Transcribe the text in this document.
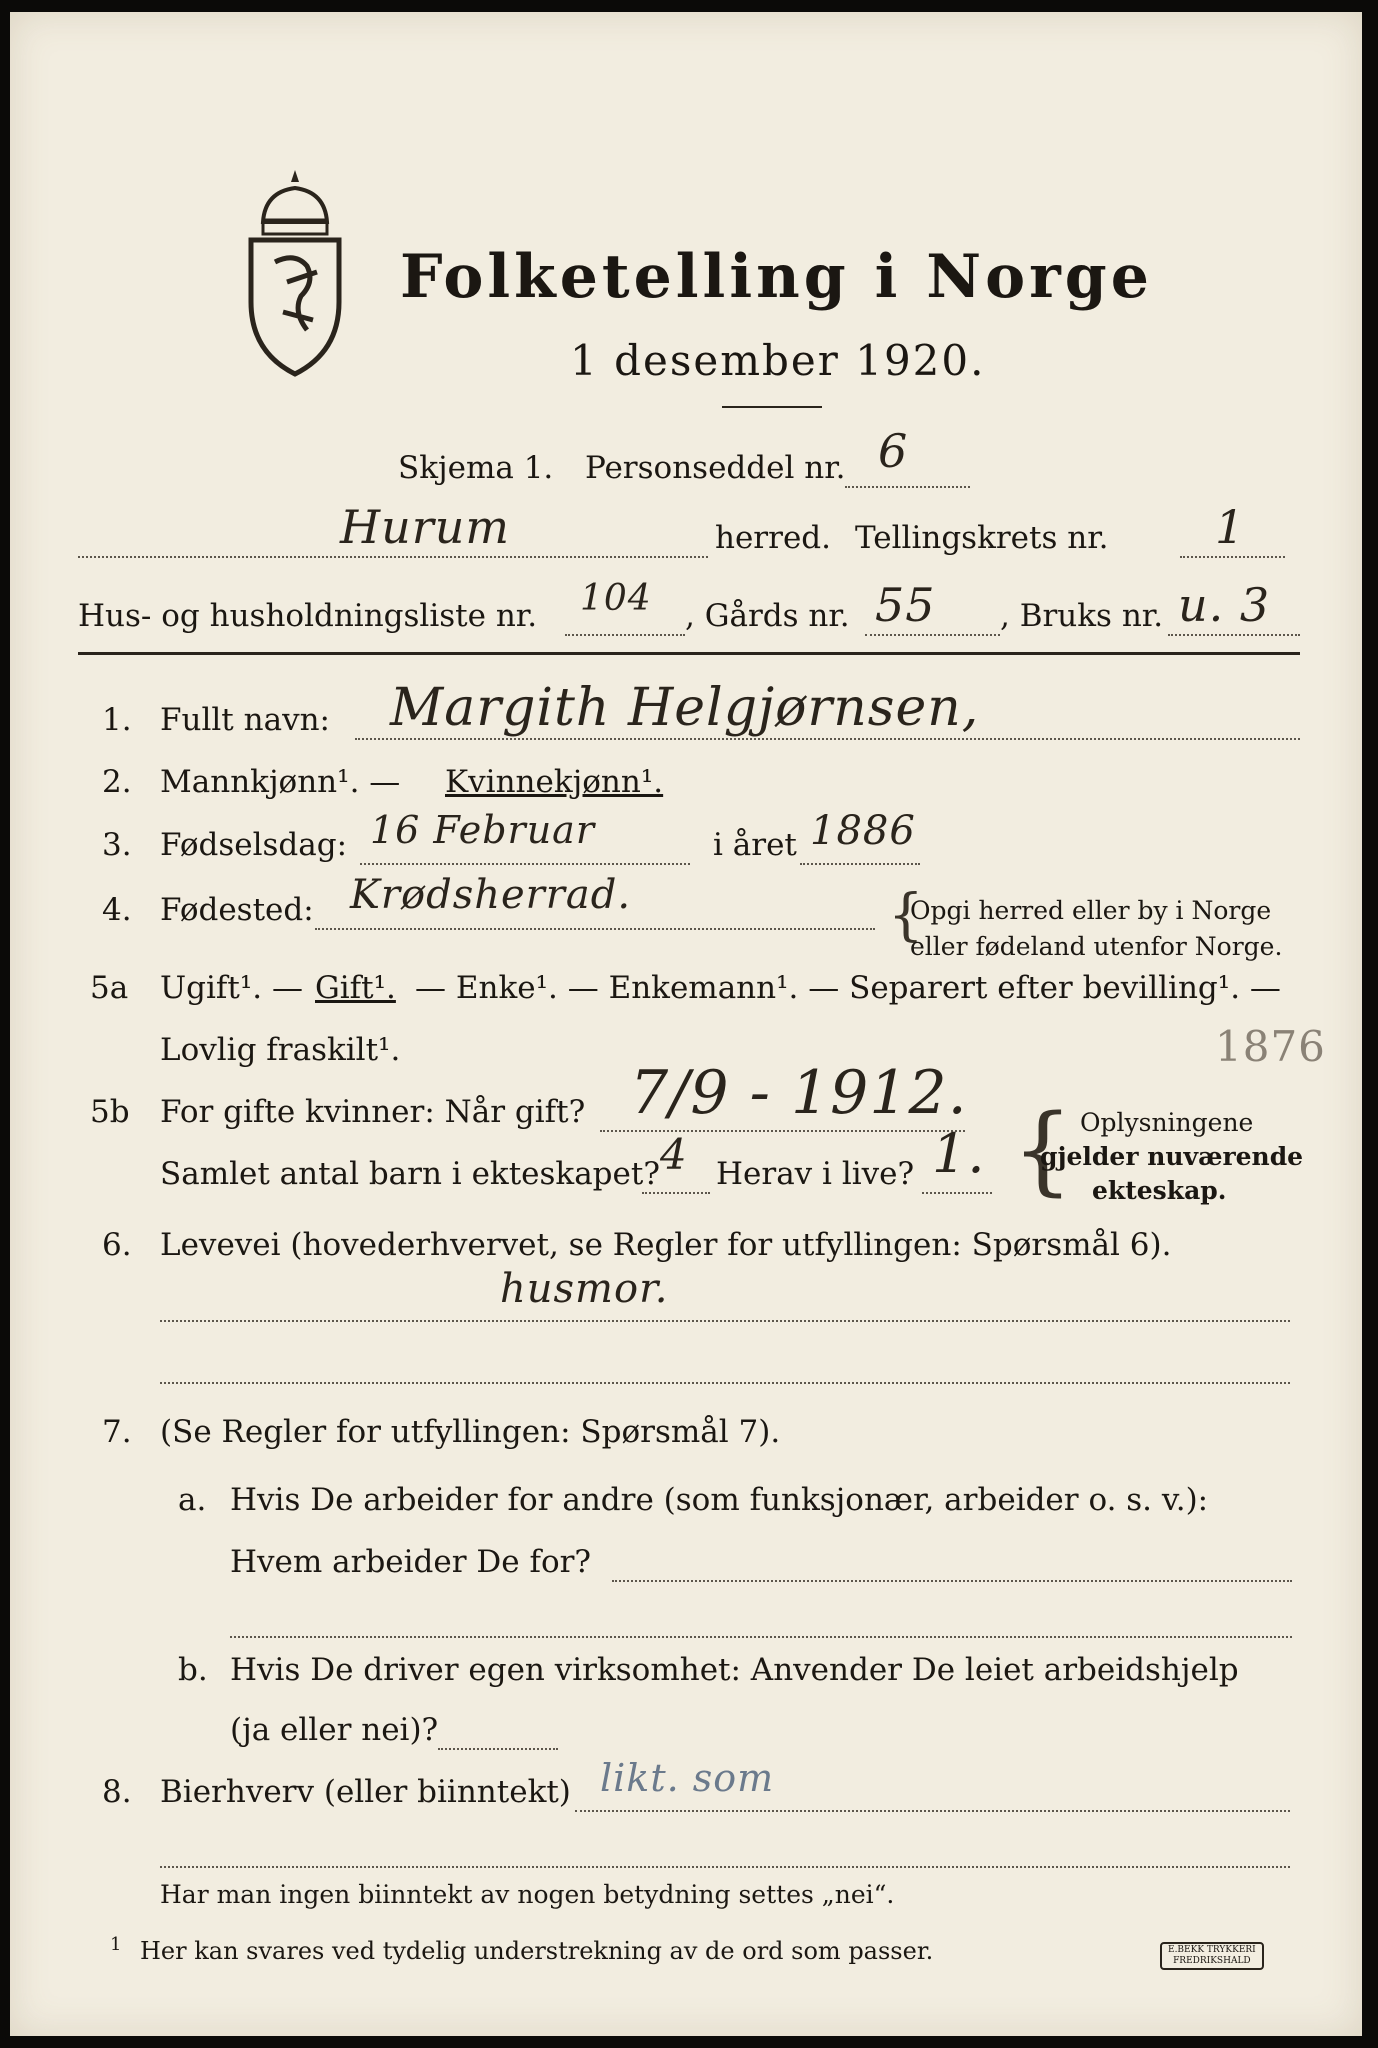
Folketelling i Norge
1 desember 1920.
Skjema 1. Personseddel nr. 6
Hurum	herred. Tellingskrets nr. 1
Hus- og husholdningsliste nr. 104 , Gårds nr. 55 , Bruks nr. u. 3
1. Fullt navn: Margith Helgjørnsen,
2. Mannkjønn¹. — Kvinnekjønn¹.
3. Fødselsdag: 16 Februar	i året 1886
4. Fødested: Krødsherrad.	{
Opgi herred eller by i Norge
eller fødeland utenfor Norge.
5a Ugift¹. — Gift¹. — Enke¹. — Enkemann¹. — Separert efter bevilling¹. —
Lovlig fraskilt¹.	1876
5b For gifte kvinner: Når gift? 7/9 - 1912.
Samlet antal barn i ekteskapet? 4 Herav i live? 1. { Oplysningene
gjelder nuværende
ekteskap.
6. Levevei (hovederhvervet, se Regler for utfyllingen: Spørsmål 6).
husmor.
7. (Se Regler for utfyllingen: Spørsmål 7).
a. Hvis De arbeider for andre (som funksjonær, arbeider o. s. v.):
Hvem arbeider De for?
b. Hvis De driver egen virksomhet: Anvender De leiet arbeidshjelp
(ja eller nei)?
8. Bierhverv (eller biinntekt) likt. som
Har man ingen biinntekt av nogen betydning settes „nei“.
1 Her kan svares ved tydelig understrekning av de ord som passer.	E.BEKK TRYKKERI
FREDRIKSHALD
